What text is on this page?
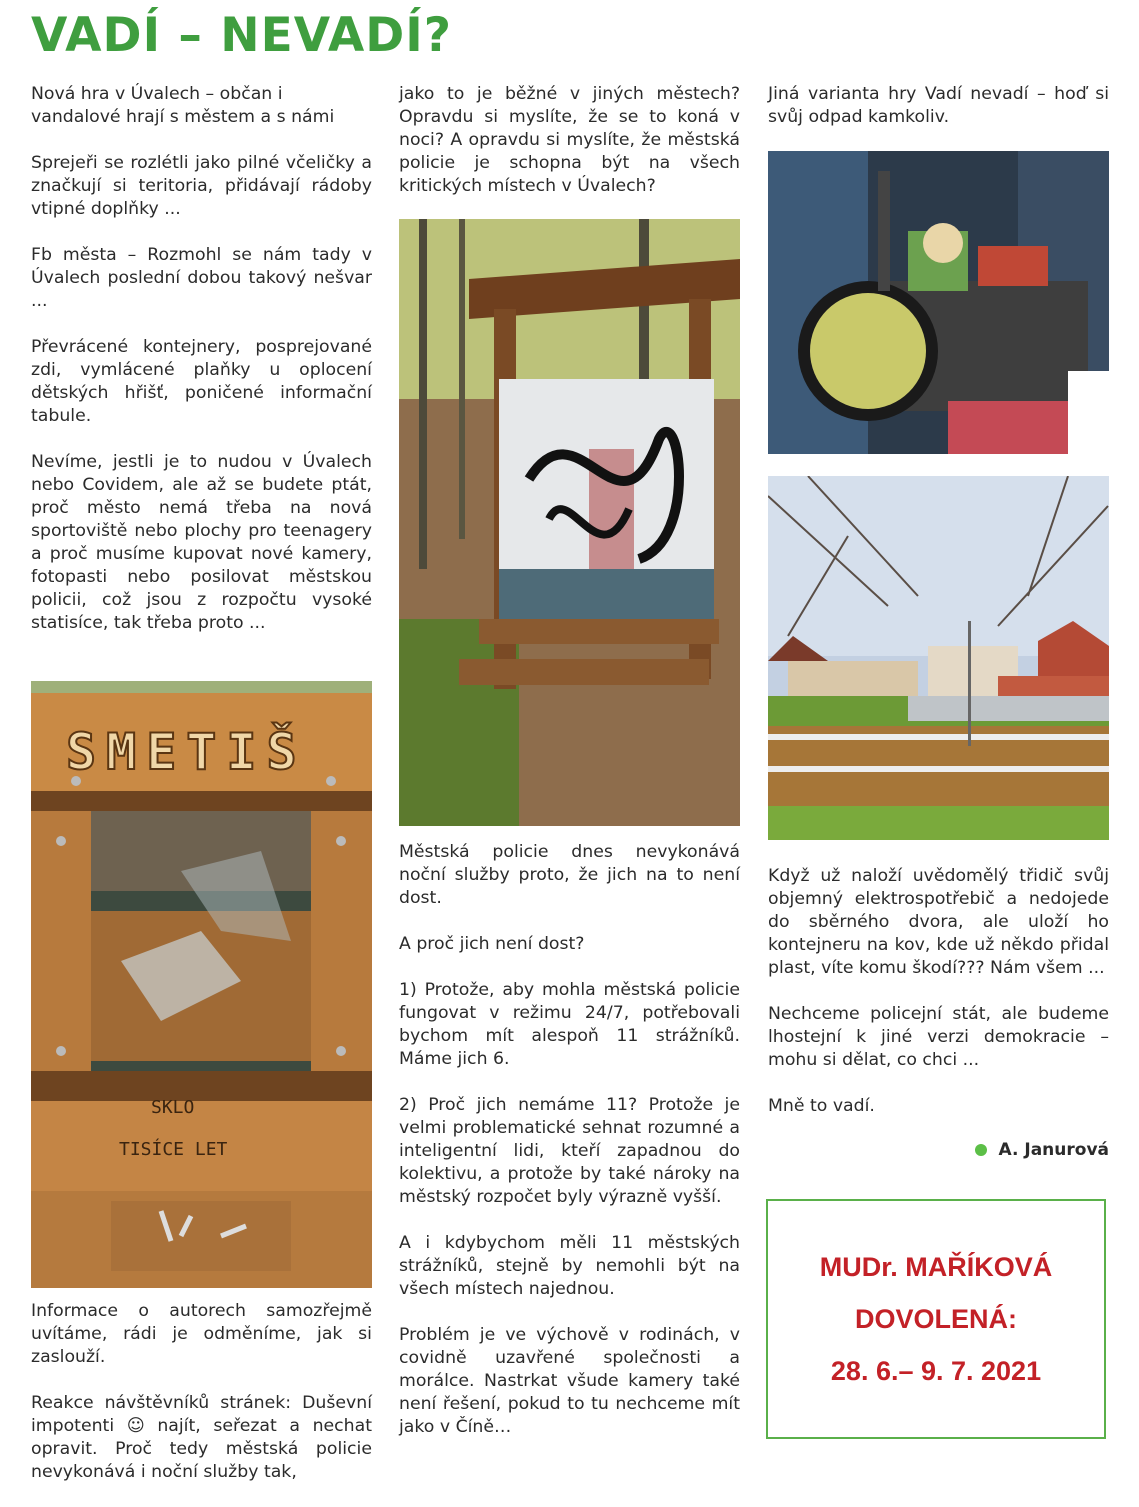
VADÍ – NEVADÍ?

Nová hra v Úvalech – občan i vandalové hrají s městem a s námi

Sprejeři se rozlétli jako pilné včeličky a značkují si teritoria, přidávají rádoby vtipné doplňky ...

Fb města – Rozmohl se nám tady v Úvalech poslední dobou takový nešvar ...

Převrácené kontejnery, posprejované zdi, vymlácené plaňky u oplocení dětských hřišť, poničené informační tabule.

Nevíme, jestli je to nudou v Úvalech nebo Covidem, ale až se budete ptát, proč město nemá třeba na nová sportoviště nebo plochy pro teenagery a proč musíme kupovat nové kamery, fotopasti nebo posilovat městskou policii, což jsou z rozpočtu vysoké statisíce, tak třeba proto ...

SMETIŠ
SKLO
TISÍCE LET

Informace o autorech samozřejmě uvítáme, rádi je odměníme, jak si zaslouží.

Reakce návštěvníků stránek: Duševní impotenti ☺ najít, seřezat a nechat opravit. Proč tedy městská policie nevykonává i noční služby tak,

jako to je běžné v jiných městech? Opravdu si myslíte, že se to koná v noci? A opravdu si myslíte, že městská policie je schopna být na všech kritických místech v Úvalech?

Městská policie dnes nevykonává noční služby proto, že jich na to není dost.

A proč jich není dost?

1) Protože, aby mohla městská policie fungovat v režimu 24/7, potřebovali bychom mít alespoň 11 strážníků. Máme jich 6.

2) Proč jich nemáme 11? Protože je velmi problematické sehnat rozumné a inteligentní lidi, kteří zapadnou do kolektivu, a protože by také nároky na městský rozpočet byly výrazně vyšší.

A i kdybychom měli 11 městských strážníků, stejně by nemohli být na všech místech najednou.

Problém je ve výchově v rodinách, v covidně uzavřené společnosti a morálce. Nastrkat všude kamery také není řešení, pokud to tu nechceme mít jako v Číně…

Jiná varianta hry Vadí nevadí – hoď si svůj odpad kamkoliv.

Když už naloží uvědomělý třidič svůj objemný elektrospotřebič a nedojede do sběrného dvora, ale uloží ho kontejneru na kov, kde už někdo přidal plast, víte komu škodí??? Nám všem ...

Nechceme policejní stát, ale budeme lhostejní k jiné verzi demokracie – mohu si dělat, co chci ...

Mně to vadí.

A. Janurová
MUDr. MAŘÍKOVÁ
DOVOLENÁ:
28. 6.– 9. 7. 2021
